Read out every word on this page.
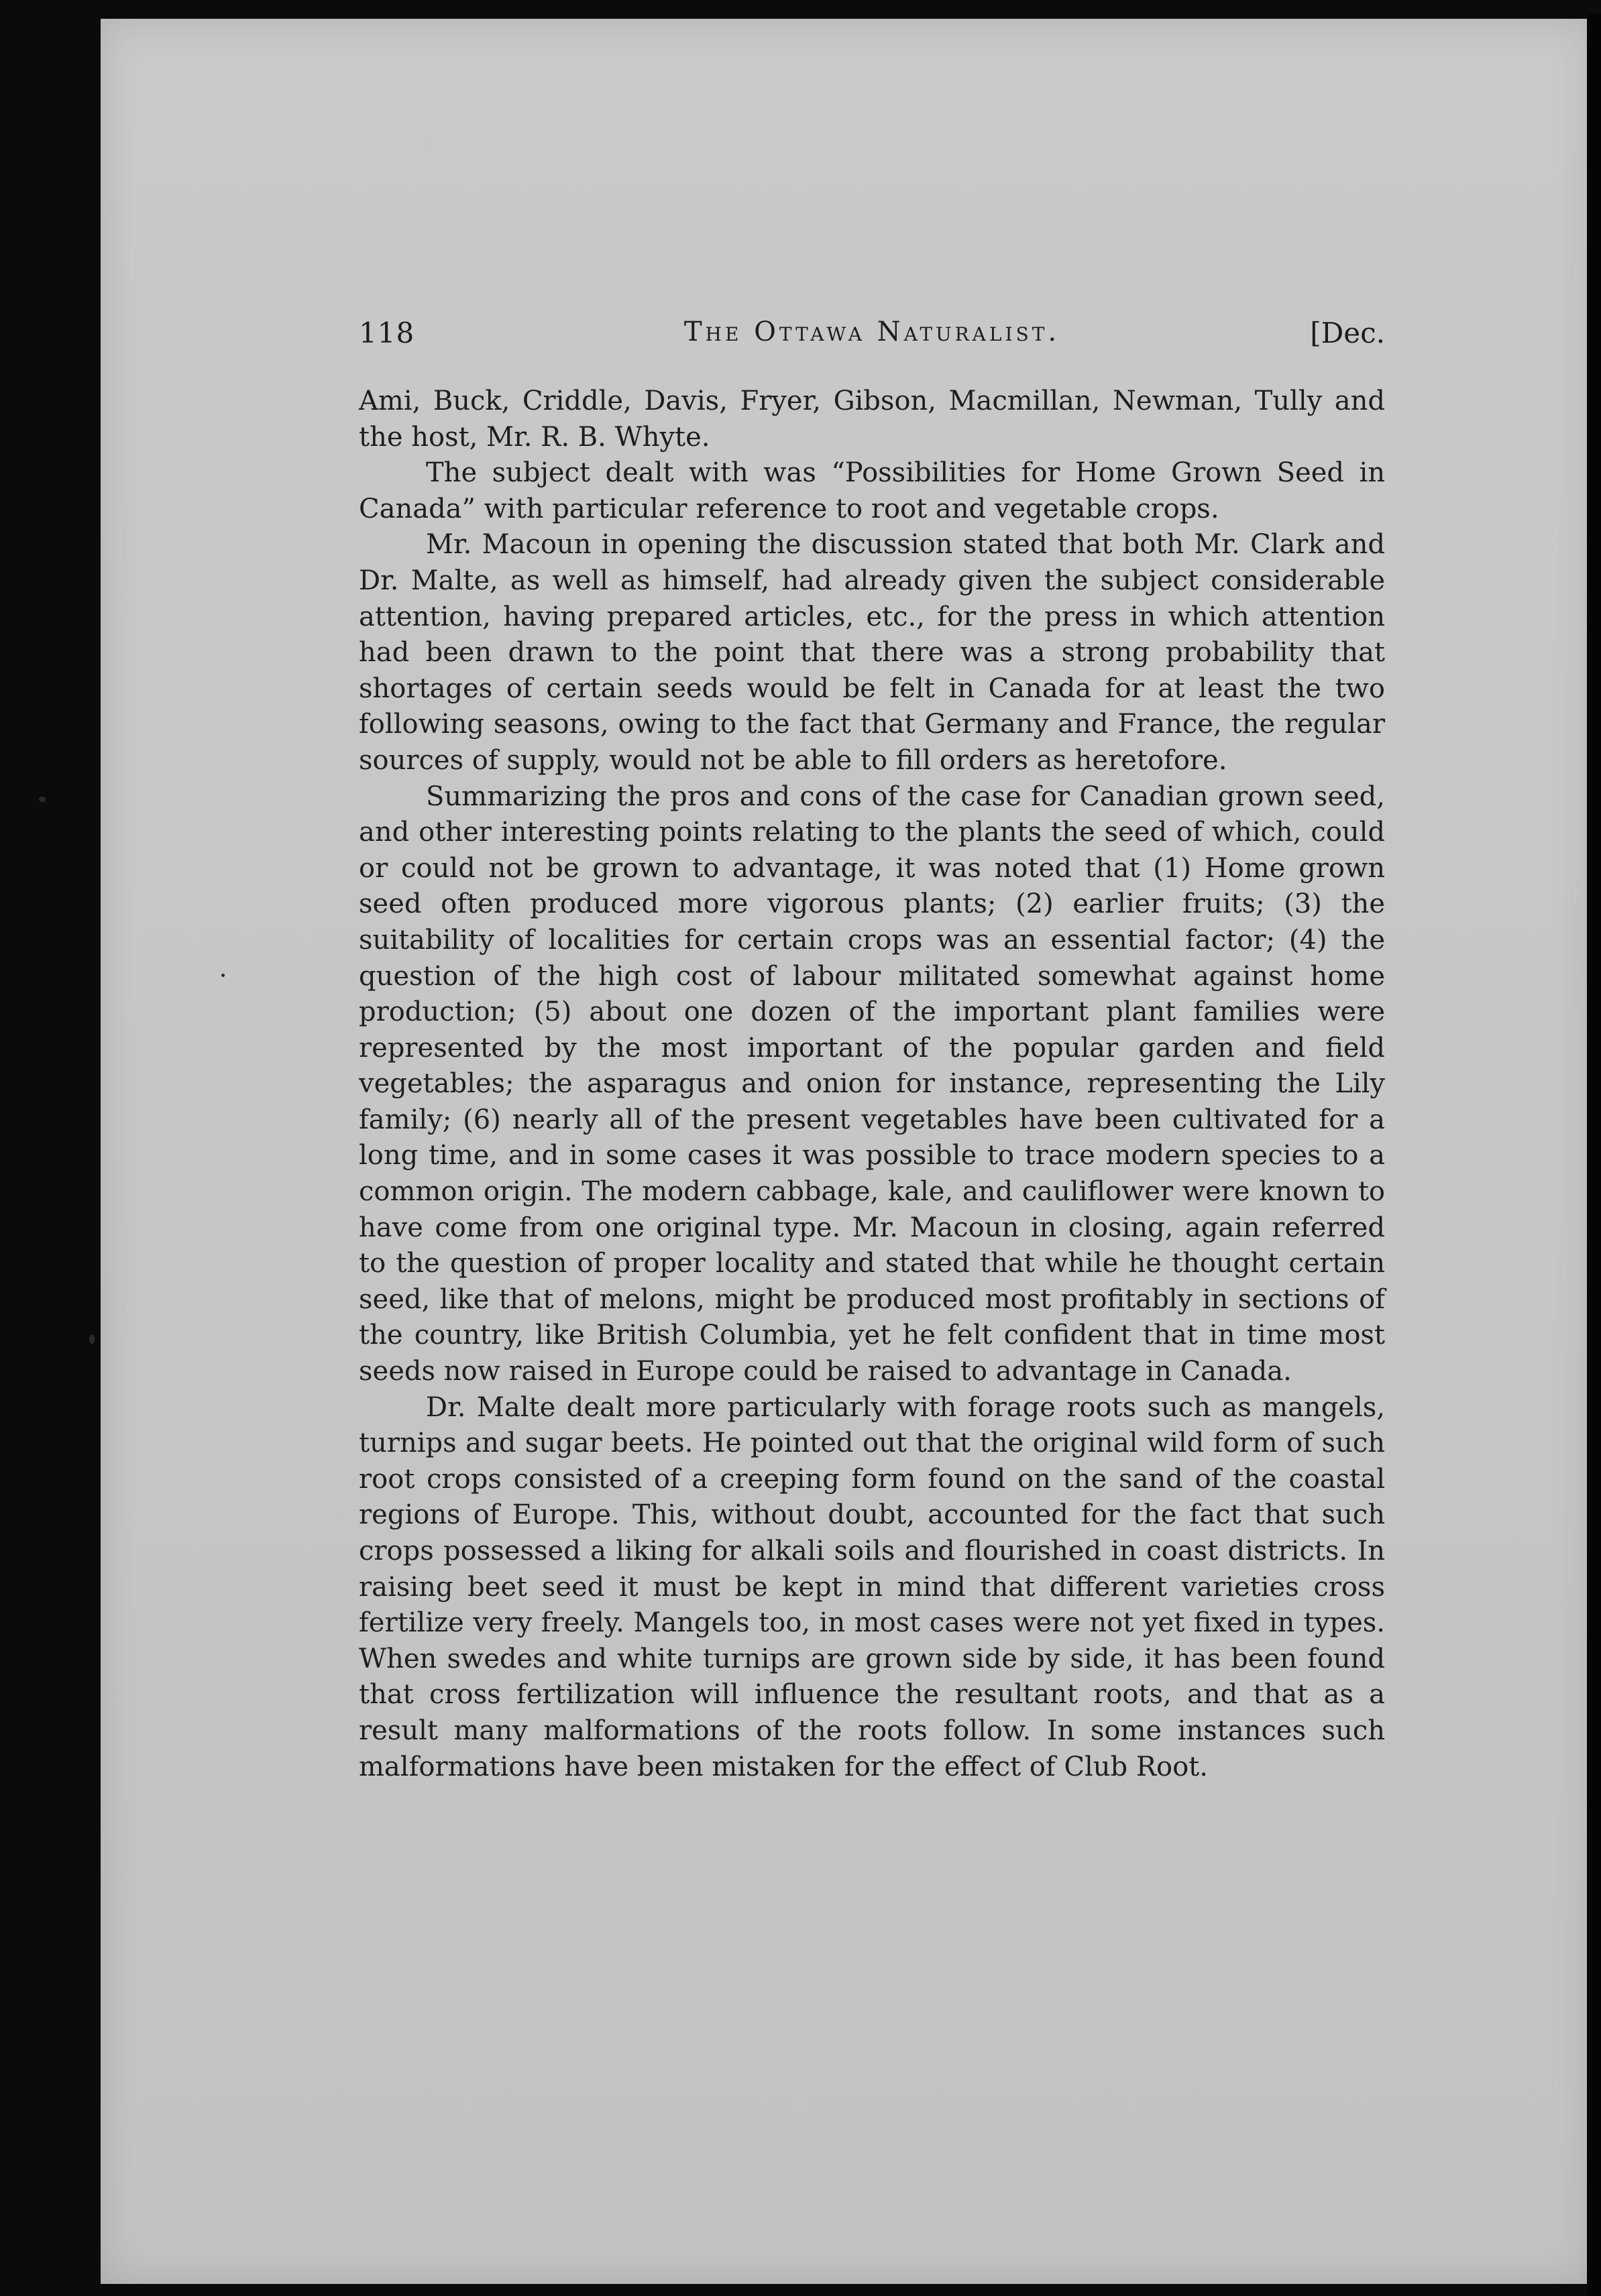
118	The Ottawa Naturalist.	[Dec.

Ami, Buck, Criddle, Davis, Fryer, Gibson, Macmillan, Newman, Tully and the host, Mr. R. B. Whyte.

The subject dealt with was “Possibilities for Home Grown Seed in Canada” with particular reference to root and vegetable crops.

Mr. Macoun in opening the discussion stated that both Mr. Clark and Dr. Malte, as well as himself, had already given the subject considerable attention, having prepared articles, etc., for the press in which attention had been drawn to the point that there was a strong probability that shortages of certain seeds would be felt in Canada for at least the two following seasons, owing to the fact that Germany and France, the regular sources of supply, would not be able to fill orders as heretofore.

Summarizing the pros and cons of the case for Canadian grown seed, and other interesting points relating to the plants the seed of which, could or could not be grown to advantage, it was noted that (1) Home grown seed often produced more vigorous plants; (2) earlier fruits; (3) the suitability of localities for certain crops was an essential factor; (4) the question of the high cost of labour militated somewhat against home production; (5) about one dozen of the important plant families were represented by the most important of the popular garden and field vegetables; the asparagus and onion for instance, representing the Lily family; (6) nearly all of the present vegetables have been cultivated for a long time, and in some cases it was possible to trace modern species to a common origin. The modern cabbage, kale, and cauliflower were known to have come from one original type. Mr. Macoun in closing, again referred to the question of proper locality and stated that while he thought certain seed, like that of melons, might be produced most profitably in sections of the country, like British Columbia, yet he felt confident that in time most seeds now raised in Europe could be raised to advantage in Canada.

Dr. Malte dealt more particularly with forage roots such as mangels, turnips and sugar beets. He pointed out that the original wild form of such root crops consisted of a creeping form found on the sand of the coastal regions of Europe. This, without doubt, accounted for the fact that such crops possessed a liking for alkali soils and flourished in coast districts. In raising beet seed it must be kept in mind that different varieties cross fertilize very freely. Mangels too, in most cases were not yet fixed in types. When swedes and white turnips are grown side by side, it has been found that cross fertilization will influence the resultant roots, and that as a result many malformations of the roots follow. In some instances such malformations have been mistaken for the effect of Club Root.
